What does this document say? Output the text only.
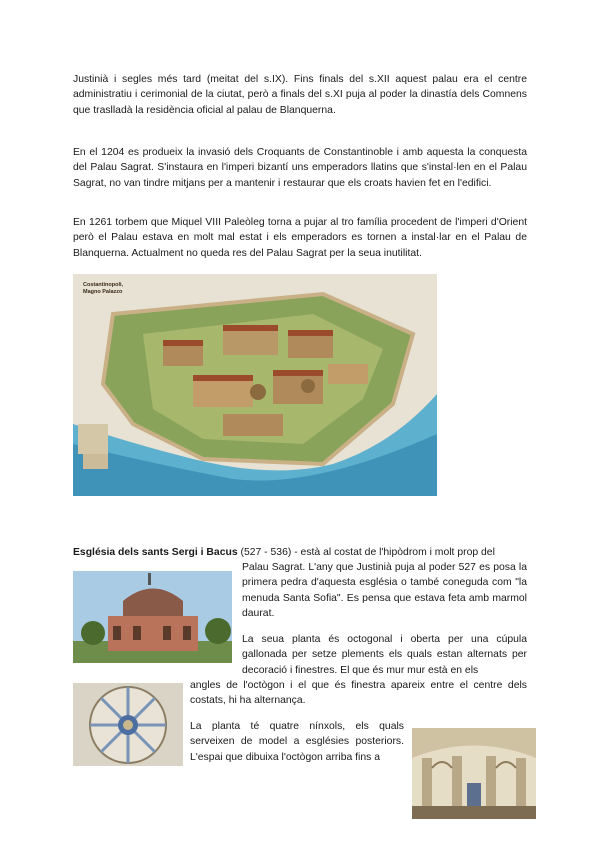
Justinià i segles més tard (meitat del s.IX). Fins finals del s.XII aquest palau era el centre administratiu i cerimonial de la ciutat, però a finals del s.XI puja al poder la dinastía dels Comnens que traslladà la residència oficial al palau de Blanquerna.

En el 1204 es produeix la invasió dels Croquants de Constantinoble i amb aquesta la conquesta del Palau Sagrat. S'instaura en l'imperi bizantí uns emperadors llatins que s'instal·len en el Palau Sagrat, no van tindre mitjans per a mantenir i restaurar que els croats havien fet en l'edifici.

En 1261 torbem que Miquel VIII Paleòleg torna a pujar al tro família procedent de l'imperi d'Orient però el Palau estava en molt mal estat i els emperadors es tornen a instal·lar en el Palau de Blanquerna. Actualment no queda res del Palau Sagrat per la seua inutilitat.

Costantinopoli,
Magno Palazzo

Església dels sants Sergi i Bacus (527 - 536) - està al costat de l'hipòdrom i molt prop del

Palau Sagrat. L'any que Justinià puja al poder 527 es posa la primera pedra d'aquesta església o també coneguda com "la menuda Santa Sofia". Es pensa que estava feta amb marmol daurat.

La seua planta és octogonal i oberta per una cúpula gallonada per setze plements els quals estan alternats per decoració i finestres. El que és mur mur està en els

angles de l'octògon i el que és finestra apareix entre el centre dels costats, hi ha alternança.

La planta té quatre nínxols, els quals serveixen de model a esglésies posteriors. L'espai que dibuixa l'octògon arriba fins a
